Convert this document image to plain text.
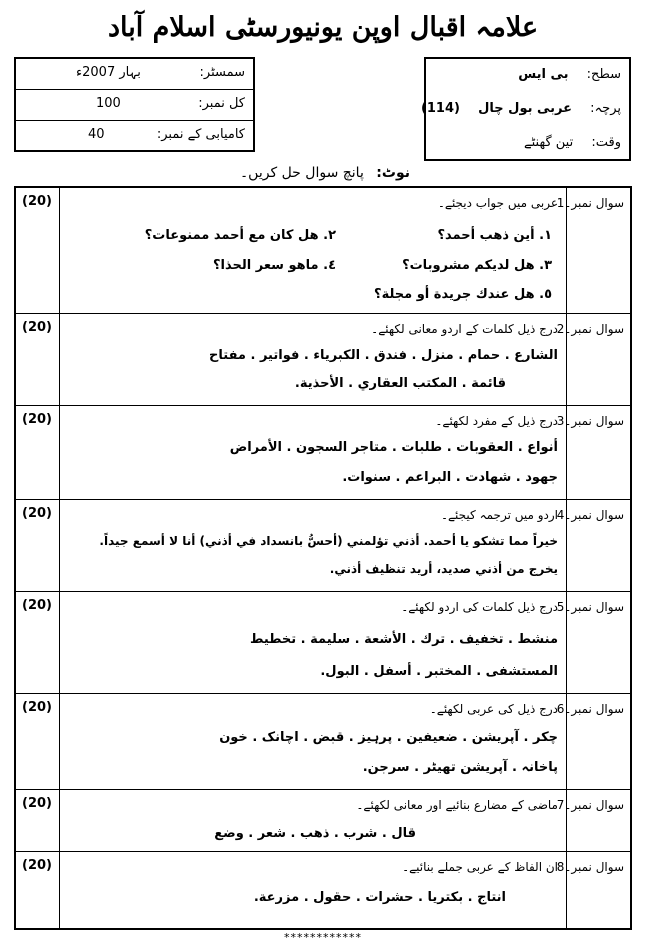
علامہ اقبال اوپن یونیورسٹی اسلام آباد
سمسٹر:
بہار 2007ء
کل نمبر:
100
کامیابی کے نمبر:
40
سطح: بی ایس
پرچہ: عربی بول چال (114)
وقت: تین گھنٹے
نوٹ: پانچ سوال حل کریں۔
سوال نمبر۔1
(20)	عربی میں جواب دیجئے۔
١. أين ذهب أحمد؟
٢. هل كان مع أحمد ممنوعات؟
٣. هل لديكم مشروبات؟
٤. ماهو سعر الحذا؟
٥. هل عندك جريدة أو مجلة؟
سوال نمبر۔2
(20)	درج ذیل کلمات کے اردو معانی لکھئے۔
الشارع . حمام . منزل . فندق . الكبرياء . فواتير . مفتاح
قائمة . المكتب العقاري . الأحذية.
سوال نمبر۔3
(20)	درج ذیل کے مفرد لکھئے۔
أنواع . العقوبات . طلبات . متاجر السجون . الأمراض
جهود . شهادت . البراعم . سنوات.
سوال نمبر۔4
(20)	اردو میں ترجمہ کیجئے۔
خيراً مما تشكو يا أحمد. أذني تؤلمني (أحسُّ بانسداد في أذني) أنا لا أسمع جيداً.
يخرج من أذني صديد، أريد تنظيف أذني.
سوال نمبر۔5
(20)	درج ذیل کلمات کی اردو لکھئے۔
منشط . تخفيف . ترك . الأشعة . سليمة . تخطيط
المستشفى . المختبر . أسفل . البول.
سوال نمبر۔6
(20)	درج ذیل کی عربی لکھئے۔
چکر . آپریشن . ضعیفین . پرہیز . قبض . اچانک . خون
پاخانہ . آپریشن تھیٹر . سرجن.
سوال نمبر۔7
(20)	ماضی کے مضارع بنائیے اور معانی لکھئے۔
قال . شرب . ذهب . شعر . وضع
سوال نمبر۔8
(20)	ان الفاظ کے عربی جملے بنائیے۔
انتاج . بكتريا . حشرات . حقول . مزرعة.
************
